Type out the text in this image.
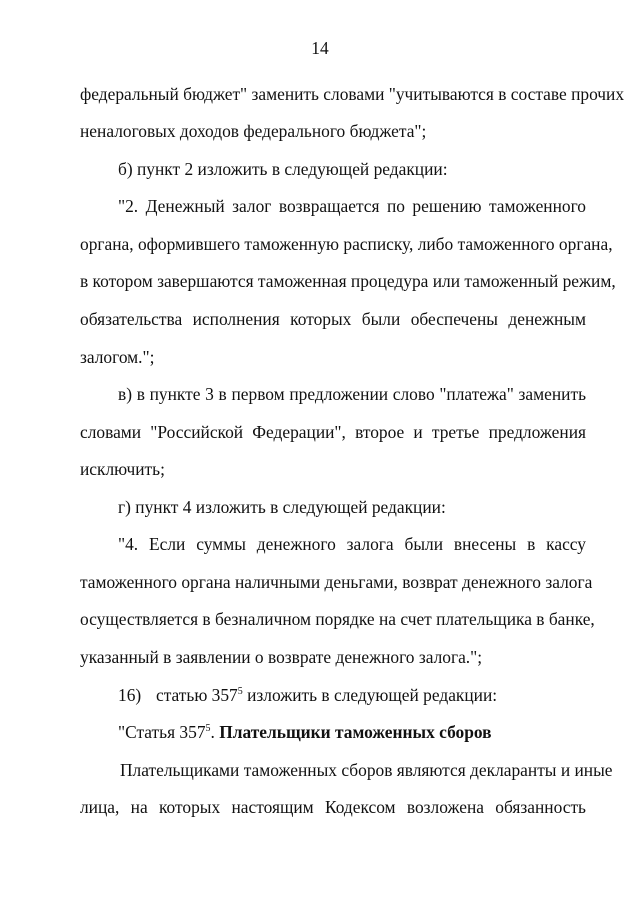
14
федеральный бюджет" заменить словами "учитываются в составе прочих
неналоговых доходов федерального бюджета";
б) пункт 2 изложить в следующей редакции:
"2. Денежный залог возвращается по решению таможенного
органа, оформившего таможенную расписку, либо таможенного органа,
в котором завершаются таможенная процедура или таможенный режим,
обязательства исполнения которых были обеспечены денежным
залогом.";
в) в пункте 3 в первом предложении слово "платежа" заменить
словами "Российской Федерации", второе и третье предложения
исключить;
г) пункт 4 изложить в следующей редакции:
"4. Если суммы денежного залога были внесены в кассу
таможенного органа наличными деньгами, возврат денежного залога
осуществляется в безналичном порядке на счет плательщика в банке,
указанный в заявлении о возврате денежного залога.";
16) статью $357^5$ изложить в следующей редакции:
"Статья $357^5$. Плательщики таможенных сборов
Плательщиками таможенных сборов являются декларанты и иные
лица, на которых настоящим Кодексом возложена обязанность
